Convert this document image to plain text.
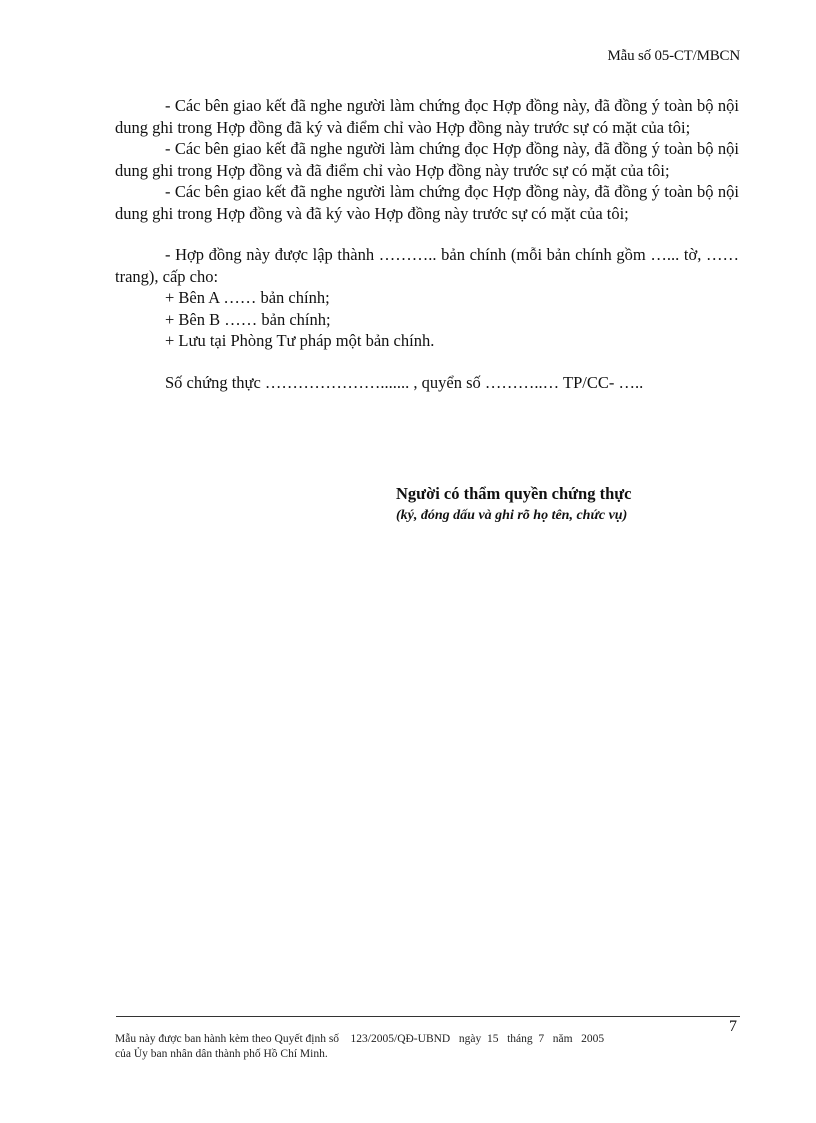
Mẫu số 05-CT/MBCN

- Các bên giao kết đã nghe người làm chứng đọc Hợp đồng này, đã đồng ý toàn bộ nội dung ghi trong Hợp đồng đã ký và điểm chỉ vào Hợp đồng này trước sự có mặt của tôi;

- Các bên giao kết đã nghe người làm chứng đọc Hợp đồng này, đã đồng ý toàn bộ nội dung ghi trong Hợp đồng và đã điểm chỉ vào Hợp đồng này trước sự có mặt của tôi;

- Các bên giao kết đã nghe người làm chứng đọc Hợp đồng này, đã đồng ý toàn bộ nội dung ghi trong Hợp đồng và đã ký vào Hợp đồng này trước sự có mặt của tôi;

- Hợp đồng này được lập thành ……….. bản chính (mỗi bản chính gồm …... tờ, ……trang), cấp cho:

+ Bên A …… bản chính;

+ Bên B …… bản chính;

+ Lưu tại Phòng Tư pháp một bản chính.

Số chứng thực …………………....... , quyển số ………..… TP/CC- …..

Người có thẩm quyền chứng thực
(ký, đóng dấu và ghi rõ họ tên, chức vụ)
7
Mẫu này được ban hành kèm theo Quyết định số    123/2005/QĐ-UBND   ngày  15   tháng  7   năm   2005
của Ủy ban nhân dân thành phố Hồ Chí Minh.
